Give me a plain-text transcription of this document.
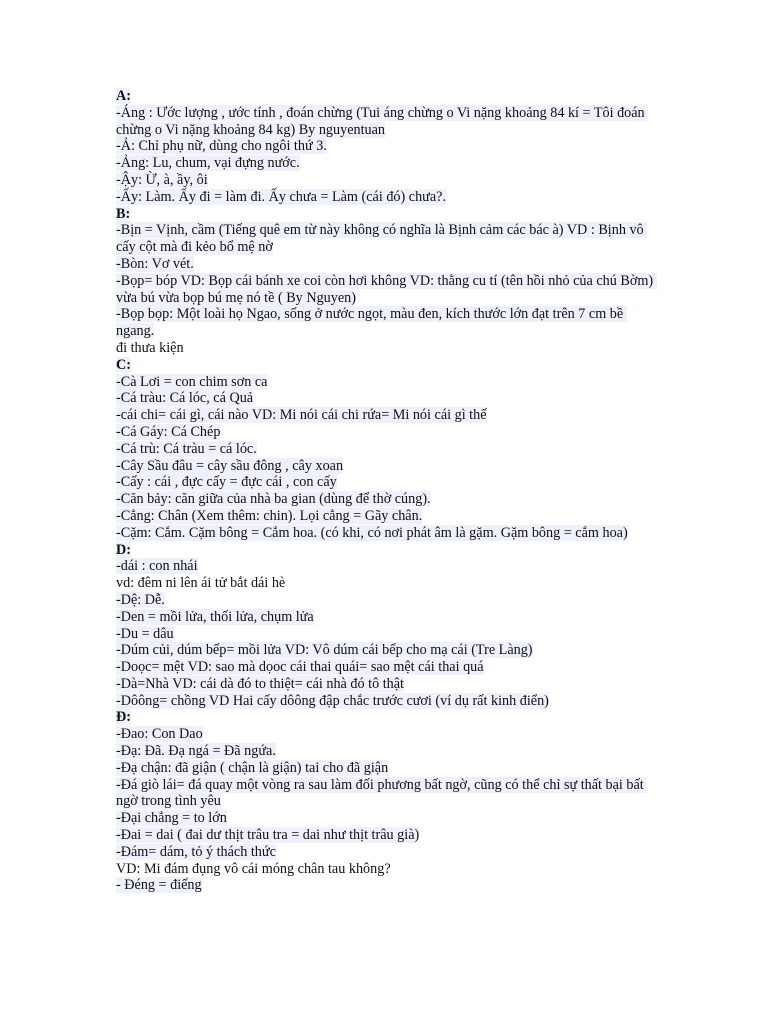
A:
-Áng : Ước lượng , ước tính , đoán chừng (Tui áng chừng o Vi nặng khoảng 84 kí = Tôi đoán chừng o Vi nặng khoảng 84 kg) By nguyentuan
-Ả: Chỉ phụ nữ, dùng cho ngôi thứ 3.
-Ảng: Lu, chum, vại đựng nước.
-Ậy: Ừ, à, ầy, ôi
-Ấy: Làm. Ấy đi = làm đi. Ấy chưa = Làm (cái đó) chưa?.
B:
-Bịn = Vịnh, cầm (Tiếng quê em từ này không có nghĩa là Bịnh cảm các bác à) VD : Bịnh vô cấy cột mà đi kẻo bổ mệ nờ
-Bòn: Vơ vét.
-Bọp= bóp VD: Bọp cái bánh xe coi còn hơi không VD: thằng cu tí (tên hồi nhỏ của chú Bờm) vừa bú vừa bọp bú mẹ nó tề ( By Nguyen)
-Bọp bọp: Một loài họ Ngao, sống ở nước ngọt, màu đen, kích thước lớn đạt trên 7 cm bề ngang.
đi thưa kiện
C:
-Cà Lơi = con chim sơn ca
-Cá tràu: Cá lóc, cá Quả
-cái chi= cái gì, cái nào VD: Mi nói cái chi rứa= Mi nói cái gì thế
-Cá Gáy: Cá Chép
-Cá trù: Cá tràu = cá lóc.
-Cây Sầu đâu = cây sầu đông , cây xoan
-Cấy : cái , đực cấy = đực cái , con cấy
-Căn bảy: căn giữa của nhà ba gian (dùng để thờ cúng).
-Cẳng: Chân (Xem thêm: chin). Lọi cẳng = Gãy chân.
-Cặm: Cắm. Cặm bông = Cắm hoa. (có khi, có nơi phát âm là gặm. Gặm bông = cắm hoa)
D:
-dái : con nhái
vd: đêm ni lên ái tử bắt dái hè
-Dệ: Dễ.
-Den = mồi lửa, thối lửa, chụm lửa
-Du = dâu
-Dúm củi, dúm bếp= mồi lửa VD: Vô dúm cái bếp cho mạ cái (Tre Làng)
-Doọc= mệt VD: sao mà dọoc cái thai quái= sao mệt cái thai quá
-Dà=Nhà VD: cái dà đó to thiệt= cái nhà đó tô thật
-Dôông= chồng VD Hai cấy dôông đập chắc trước cươi (ví dụ rất kinh điển)
Đ:
-Đao: Con Dao
-Đạ: Đã. Đạ ngá = Đã ngứa.
-Đạ chận: đã giận ( chận là giận) tai cho đã giận
-Đá giò lái= đá quay một vòng ra sau làm đối phương bất ngờ, cũng có thể chỉ sự thất bại bất ngờ trong tình yêu
-Đại chẳng = to lớn
-Đai = dai ( đai dư thịt trâu tra = dai như thịt trâu già)
-Đám= dám, tỏ ý thách thức
VD: Mi đám đụng vô cái móng chân tau không?
- Đéng = điếng
